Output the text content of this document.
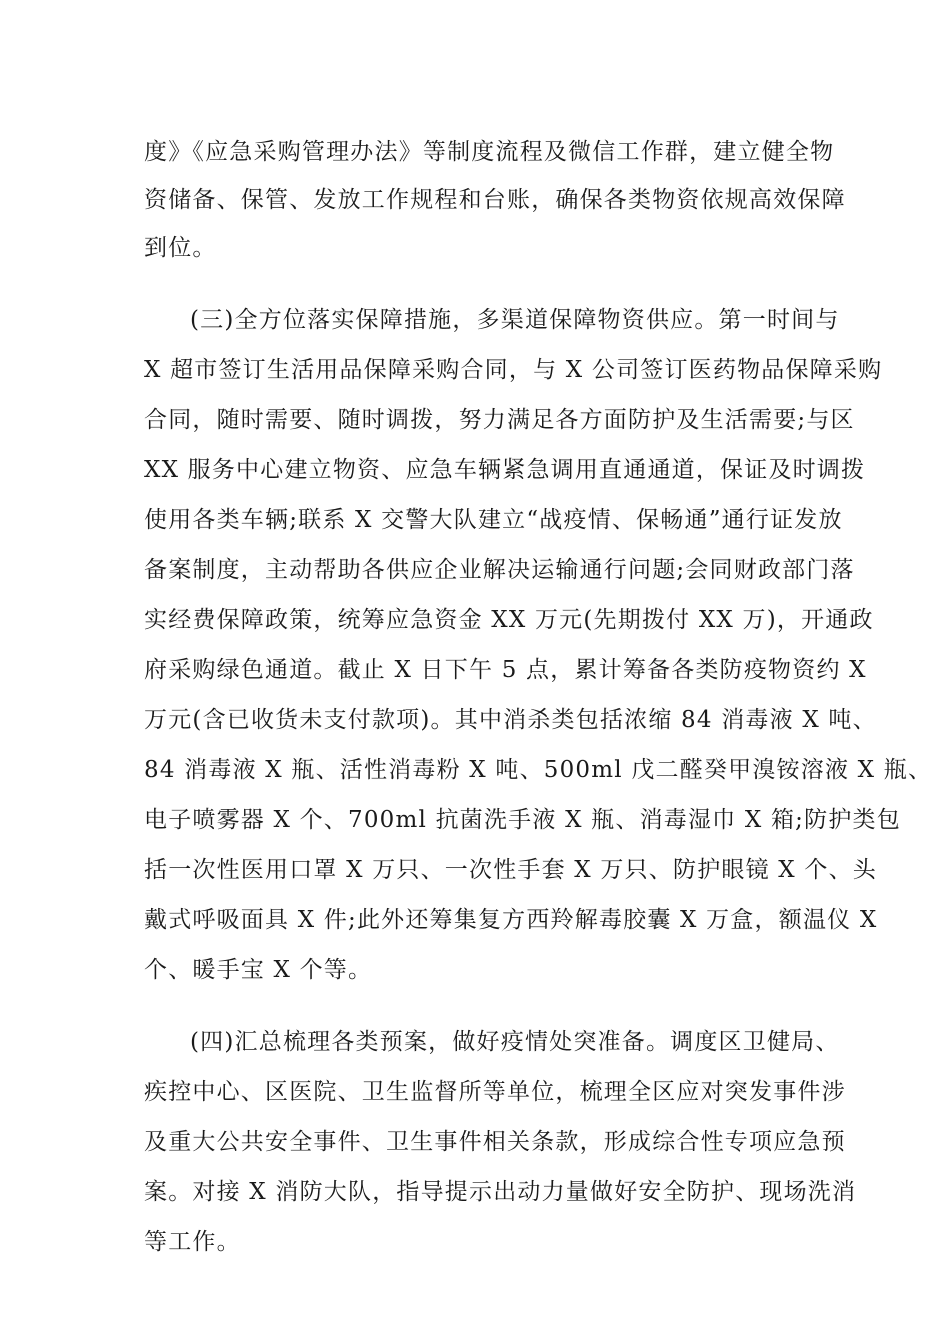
度》《应急采购管理办法》等制度流程及微信工作群，建立健全物
资储备、保管、发放工作规程和台账，确保各类物资依规高效保障
到位。
(三)全方位落实保障措施，多渠道保障物资供应。第一时间与
X 超市签订生活用品保障采购合同，与 X 公司签订医药物品保障采购
合同，随时需要、随时调拨，努力满足各方面防护及生活需要;与区
XX 服务中心建立物资、应急车辆紧急调用直通通道，保证及时调拨
使用各类车辆;联系 X 交警大队建立“战疫情、保畅通”通行证发放
备案制度，主动帮助各供应企业解决运输通行问题;会同财政部门落
实经费保障政策，统筹应急资金 XX 万元(先期拨付 XX 万)，开通政
府采购绿色通道。截止 X 日下午 5 点，累计筹备各类防疫物资约 X
万元(含已收货未支付款项)。其中消杀类包括浓缩 84 消毒液 X 吨、
84 消毒液 X 瓶、活性消毒粉 X 吨、500ml 戊二醛癸甲溴铵溶液 X 瓶、
电子喷雾器 X 个、700ml 抗菌洗手液 X 瓶、消毒湿巾 X 箱;防护类包
括一次性医用口罩 X 万只、一次性手套 X 万只、防护眼镜 X 个、头
戴式呼吸面具 X 件;此外还筹集复方西羚解毒胶囊 X 万盒，额温仪 X
个、暖手宝 X 个等。
(四)汇总梳理各类预案，做好疫情处突准备。调度区卫健局、
疾控中心、区医院、卫生监督所等单位，梳理全区应对突发事件涉
及重大公共安全事件、卫生事件相关条款，形成综合性专项应急预
案。对接 X 消防大队，指导提示出动力量做好安全防护、现场洗消
等工作。
